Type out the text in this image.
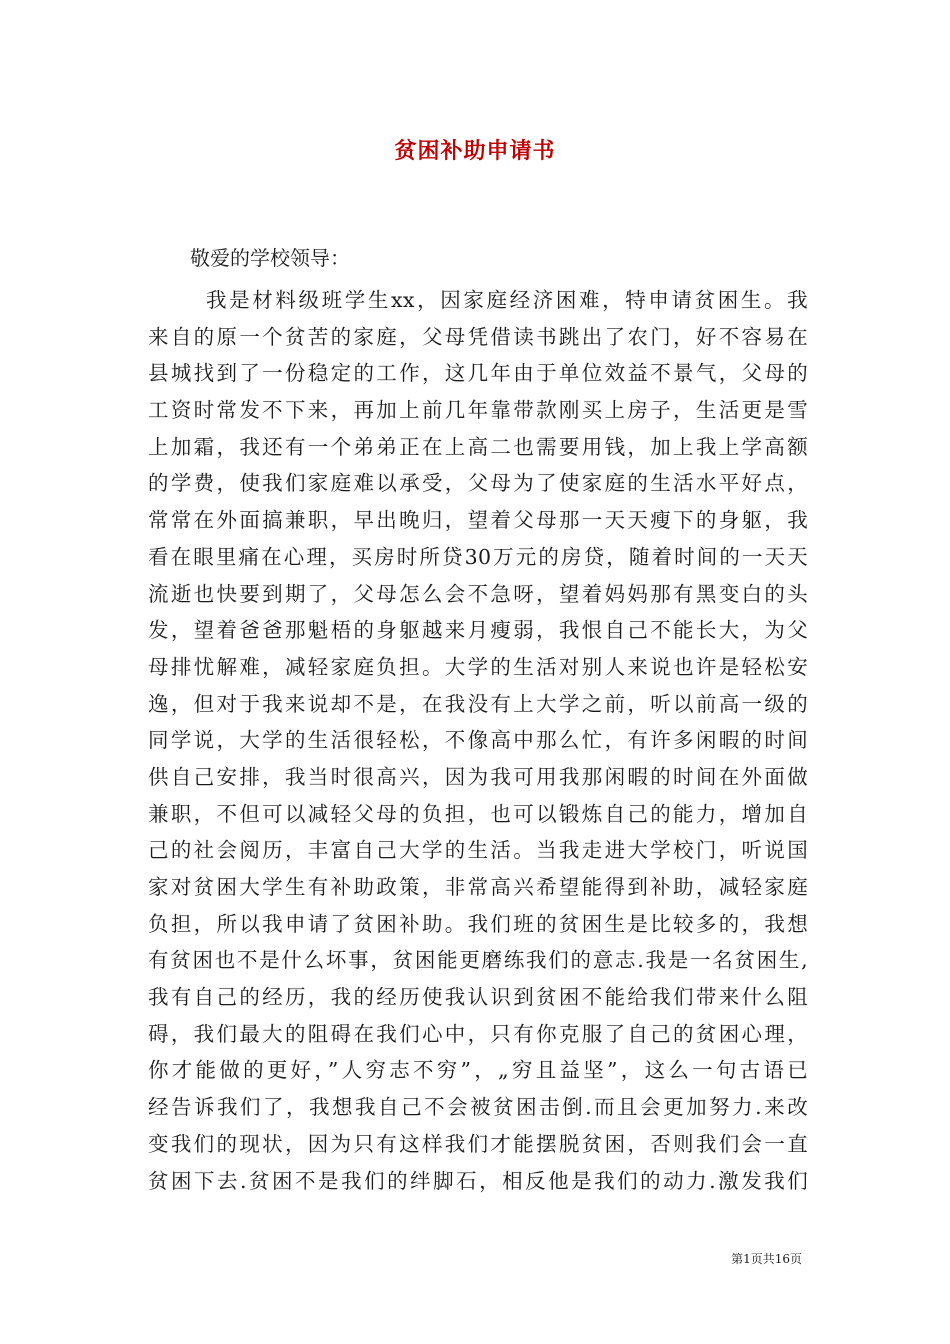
贫困补助申请书
敬爱的学校领导：
我是材料级班学生xx，因家庭经济困难，特申请贫困生。我
来自的原一个贫苦的家庭，父母凭借读书跳出了农门，好不容易在
县城找到了一份稳定的工作，这几年由于单位效益不景气，父母的
工资时常发不下来，再加上前几年靠带款刚买上房子，生活更是雪
上加霜，我还有一个弟弟正在上高二也需要用钱，加上我上学高额
的学费，使我们家庭难以承受，父母为了使家庭的生活水平好点，
常常在外面搞兼职，早出晚归，望着父母那一天天瘦下的身躯，我
看在眼里痛在心理，买房时所贷30万元的房贷，随着时间的一天天
流逝也快要到期了，父母怎么会不急呀，望着妈妈那有黑变白的头
发，望着爸爸那魁梧的身躯越来月瘦弱，我恨自己不能长大，为父
母排忧解难，减轻家庭负担。大学的生活对别人来说也许是轻松安
逸，但对于我来说却不是，在我没有上大学之前，听以前高一级的
同学说，大学的生活很轻松，不像高中那么忙，有许多闲暇的时间
供自己安排，我当时很高兴，因为我可用我那闲暇的时间在外面做
兼职，不但可以减轻父母的负担，也可以锻炼自己的能力，增加自
己的社会阅历，丰富自己大学的生活。当我走进大学校门，听说国
家对贫困大学生有补助政策，非常高兴希望能得到补助，减轻家庭
负担，所以我申请了贫困补助。我们班的贫困生是比较多的，我想
有贫困也不是什么坏事，贫困能更磨练我们的意志.我是一名贫困生,
我有自己的经历，我的经历使我认识到贫困不能给我们带来什么阻
碍，我们最大的阻碍在我们心中，只有你克服了自己的贫困心理，
你才能做的更好，”人穷志不穷”，„穷且益坚”，这么一句古语已
经告诉我们了，我想我自己不会被贫困击倒.而且会更加努力.来改
变我们的现状，因为只有这样我们才能摆脱贫困，否则我们会一直
贫困下去.贫困不是我们的绊脚石，相反他是我们的动力.激发我们
第1页共16页
